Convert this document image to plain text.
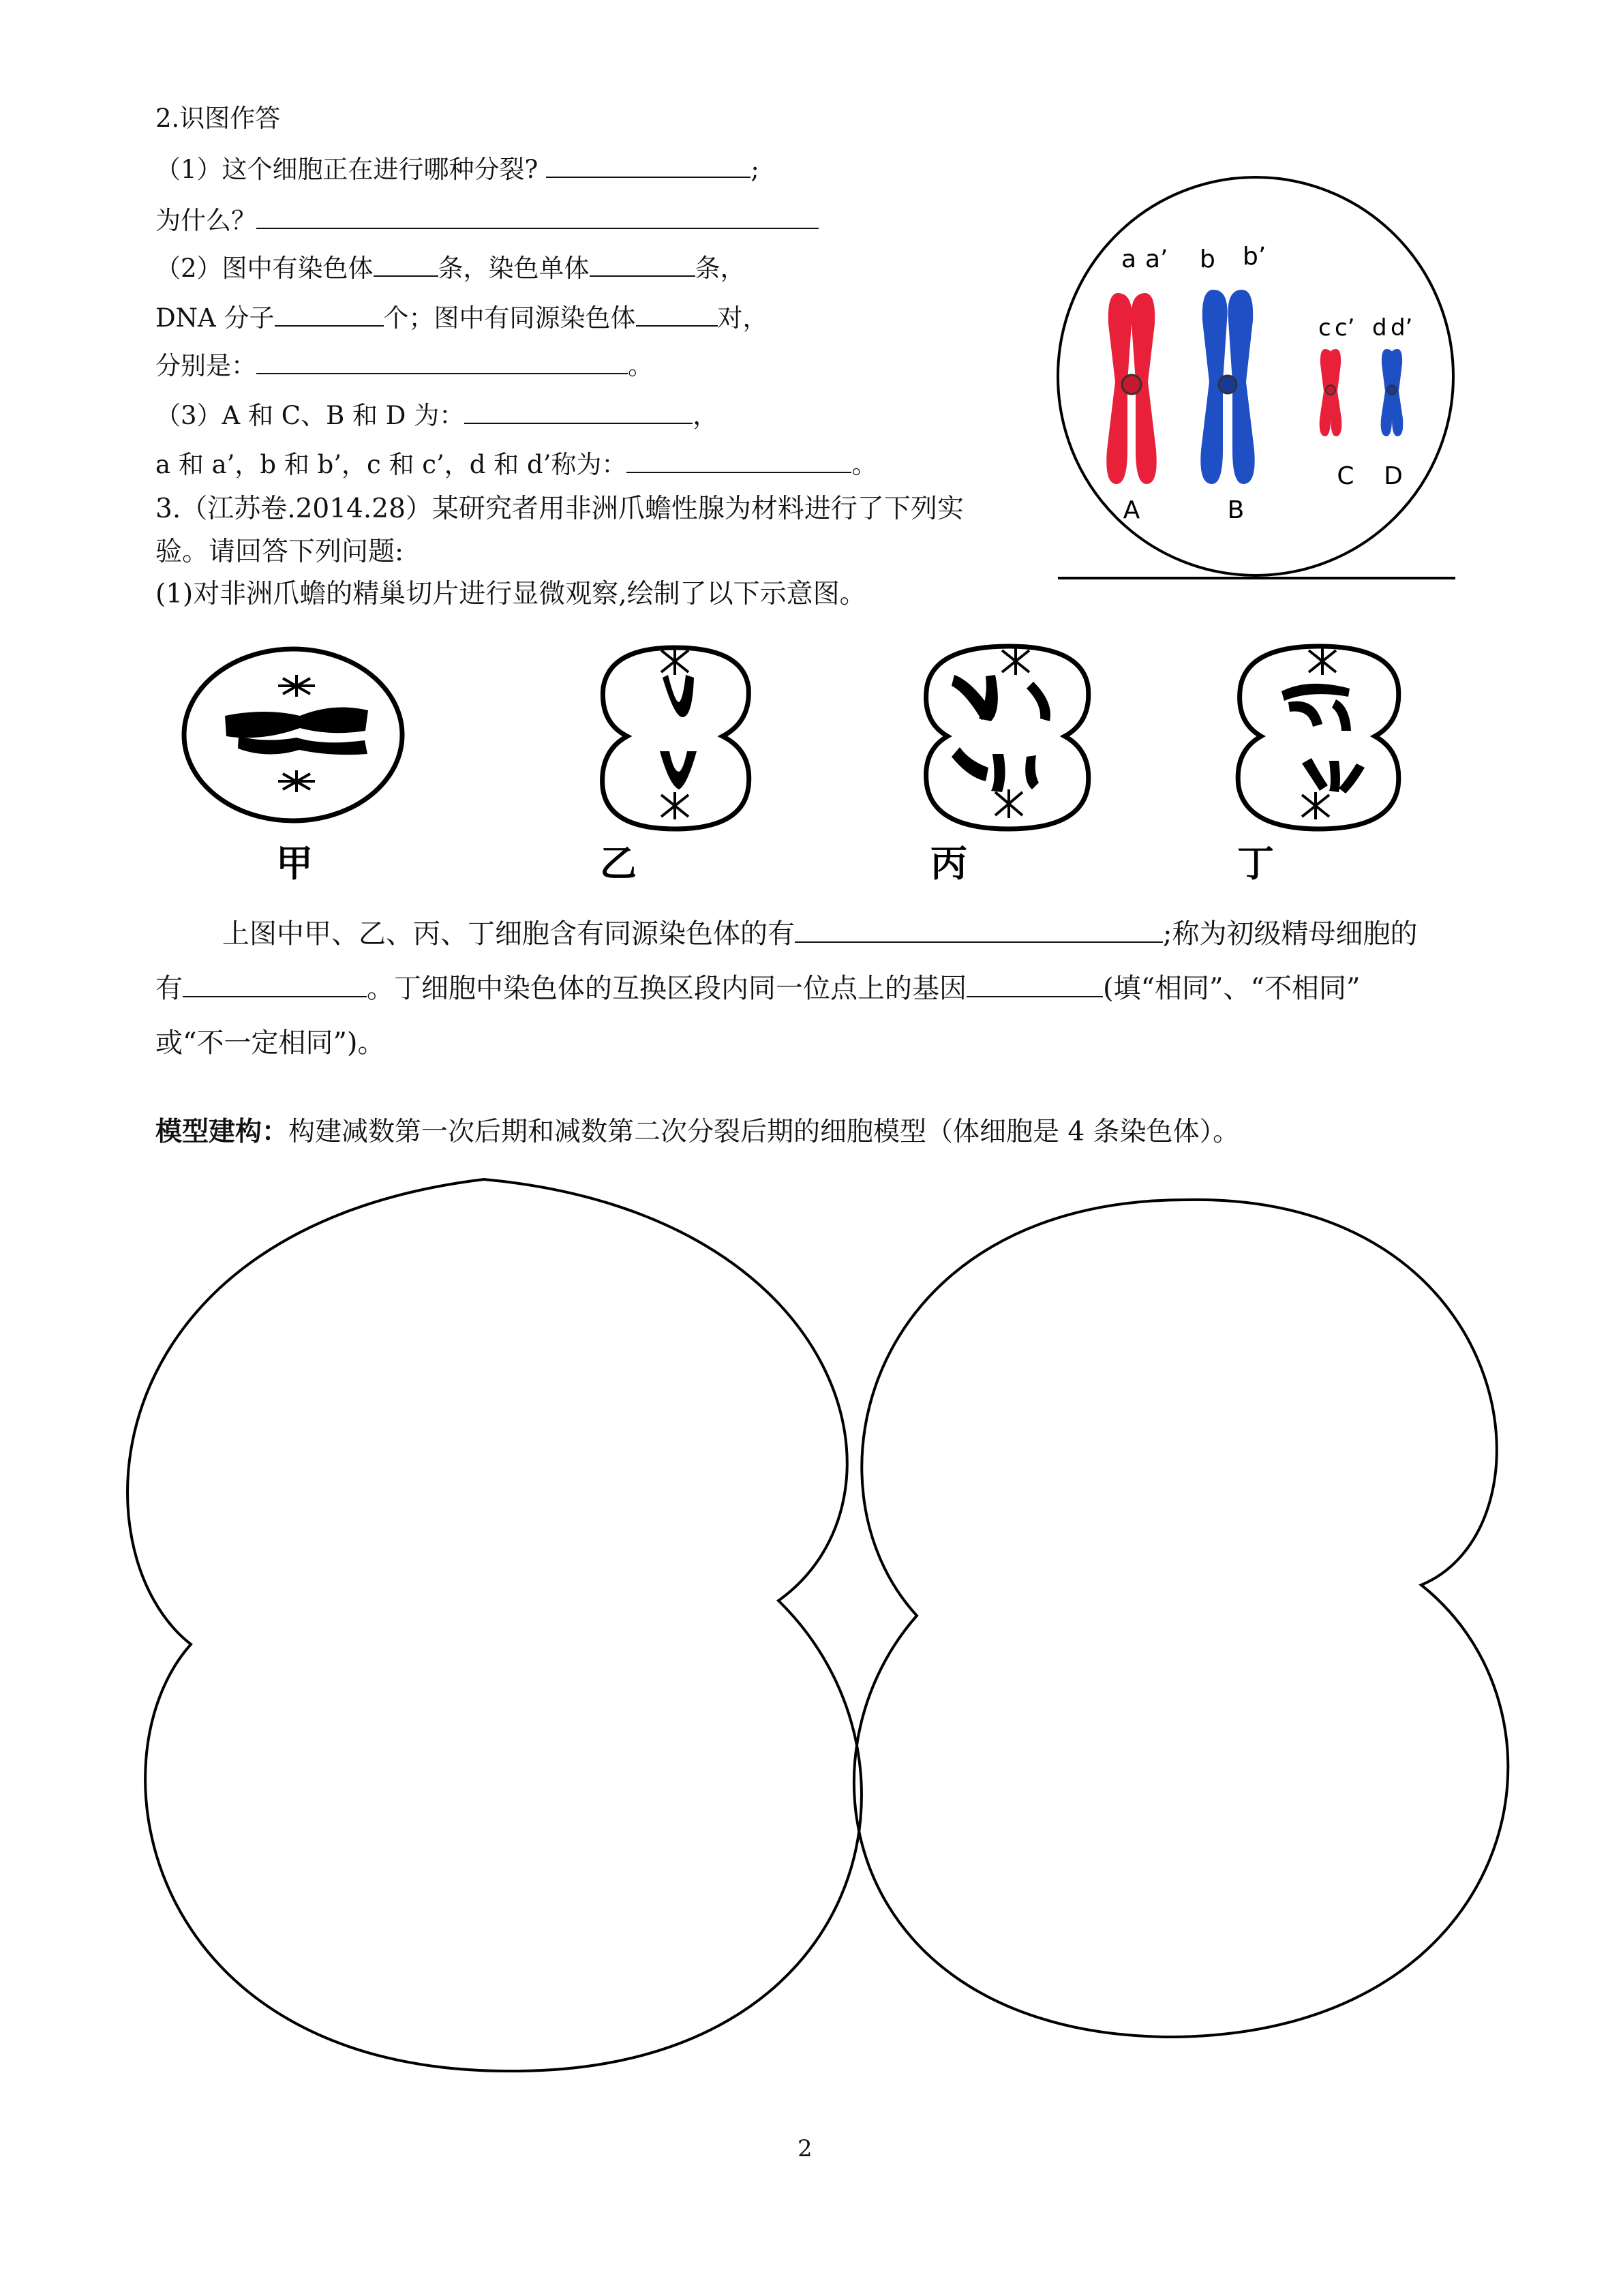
2.识图作答
（1）这个细胞正在进行哪种分裂?	;
为什么？
（2）图中有染色体	条，染色单体	条，
DNA 分子	个；图中有同源染色体	对，
分别是：	。
（3）A 和 C、B 和 D 为：	，
a 和 a’，b 和 b’，c 和 c’，d 和 d’称为：	。
3.（江苏卷.2014.28）某研究者用非洲爪蟾性腺为材料进行了下列实
验。请回答下列问题:
(1)对非洲爪蟾的精巢切片进行显微观察,绘制了以下示意图。
a a’ b b’
c c’ d d’
A	B
C D
甲	乙	丙	丁
上图中甲、乙、丙、丁细胞含有同源染色体的有	;称为初级精母细胞的
有	。丁细胞中染色体的互换区段内同一位点上的基因	(填“相同”、“不相同”
或“不一定相同”)。
模型建构：构建减数第一次后期和减数第二次分裂后期的细胞模型（体细胞是 4 条染色体）。
2
